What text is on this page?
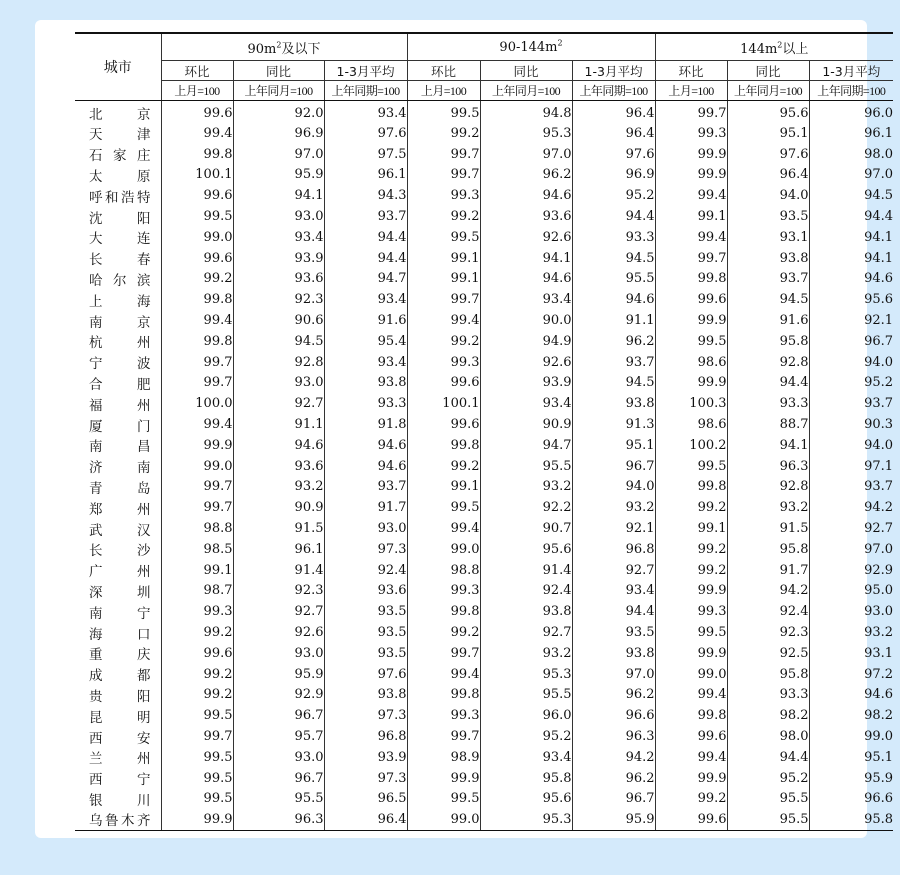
城市	$90m^2$及以下			$90-144m^2$			$144m^2$以上		
	环比	同比	1-3月平均	环比	同比	1-3月平均	环比	同比	1-3月平均
	上月=100	上年同月=100	上年同期=100	上月=100	上年同月=100	上年同期=100	上月=100	上年同月=100	上年同期=100
北京	99.6	92.0	93.4	99.5	94.8	96.4	99.7	95.6	96.0
天津	99.4	96.9	97.6	99.2	95.3	96.4	99.3	95.1	96.1
石家庄	99.8	97.0	97.5	99.7	97.0	97.6	99.9	97.6	98.0
太原	100.1	95.9	96.1	99.7	96.2	96.9	99.9	96.4	97.0
呼和浩特	99.6	94.1	94.3	99.3	94.6	95.2	99.4	94.0	94.5
沈阳	99.5	93.0	93.7	99.2	93.6	94.4	99.1	93.5	94.4
大连	99.0	93.4	94.4	99.5	92.6	93.3	99.4	93.1	94.1
长春	99.6	93.9	94.4	99.1	94.1	94.5	99.7	93.8	94.1
哈尔滨	99.2	93.6	94.7	99.1	94.6	95.5	99.8	93.7	94.6
上海	99.8	92.3	93.4	99.7	93.4	94.6	99.6	94.5	95.6
南京	99.4	90.6	91.6	99.4	90.0	91.1	99.9	91.6	92.1
杭州	99.8	94.5	95.4	99.2	94.9	96.2	99.5	95.8	96.7
宁波	99.7	92.8	93.4	99.3	92.6	93.7	98.6	92.8	94.0
合肥	99.7	93.0	93.8	99.6	93.9	94.5	99.9	94.4	95.2
福州	100.0	92.7	93.3	100.1	93.4	93.8	100.3	93.3	93.7
厦门	99.4	91.1	91.8	99.6	90.9	91.3	98.6	88.7	90.3
南昌	99.9	94.6	94.6	99.8	94.7	95.1	100.2	94.1	94.0
济南	99.0	93.6	94.6	99.2	95.5	96.7	99.5	96.3	97.1
青岛	99.7	93.2	93.7	99.1	93.2	94.0	99.8	92.8	93.7
郑州	99.7	90.9	91.7	99.5	92.2	93.2	99.2	93.2	94.2
武汉	98.8	91.5	93.0	99.4	90.7	92.1	99.1	91.5	92.7
长沙	98.5	96.1	97.3	99.0	95.6	96.8	99.2	95.8	97.0
广州	99.1	91.4	92.4	98.8	91.4	92.7	99.2	91.7	92.9
深圳	98.7	92.3	93.6	99.3	92.4	93.4	99.9	94.2	95.0
南宁	99.3	92.7	93.5	99.8	93.8	94.4	99.3	92.4	93.0
海口	99.2	92.6	93.5	99.2	92.7	93.5	99.5	92.3	93.2
重庆	99.6	93.0	93.5	99.7	93.2	93.8	99.9	92.5	93.1
成都	99.2	95.9	97.6	99.4	95.3	97.0	99.0	95.8	97.2
贵阳	99.2	92.9	93.8	99.8	95.5	96.2	99.4	93.3	94.6
昆明	99.5	96.7	97.3	99.3	96.0	96.6	99.8	98.2	98.2
西安	99.7	95.7	96.8	99.7	95.2	96.3	99.6	98.0	99.0
兰州	99.5	93.0	93.9	98.9	93.4	94.2	99.4	94.4	95.1
西宁	99.5	96.7	97.3	99.9	95.8	96.2	99.9	95.2	95.9
银川	99.5	95.5	96.5	99.5	95.6	96.7	99.2	95.5	96.6
乌鲁木齐	99.9	96.3	96.4	99.0	95.3	95.9	99.6	95.5	95.8
